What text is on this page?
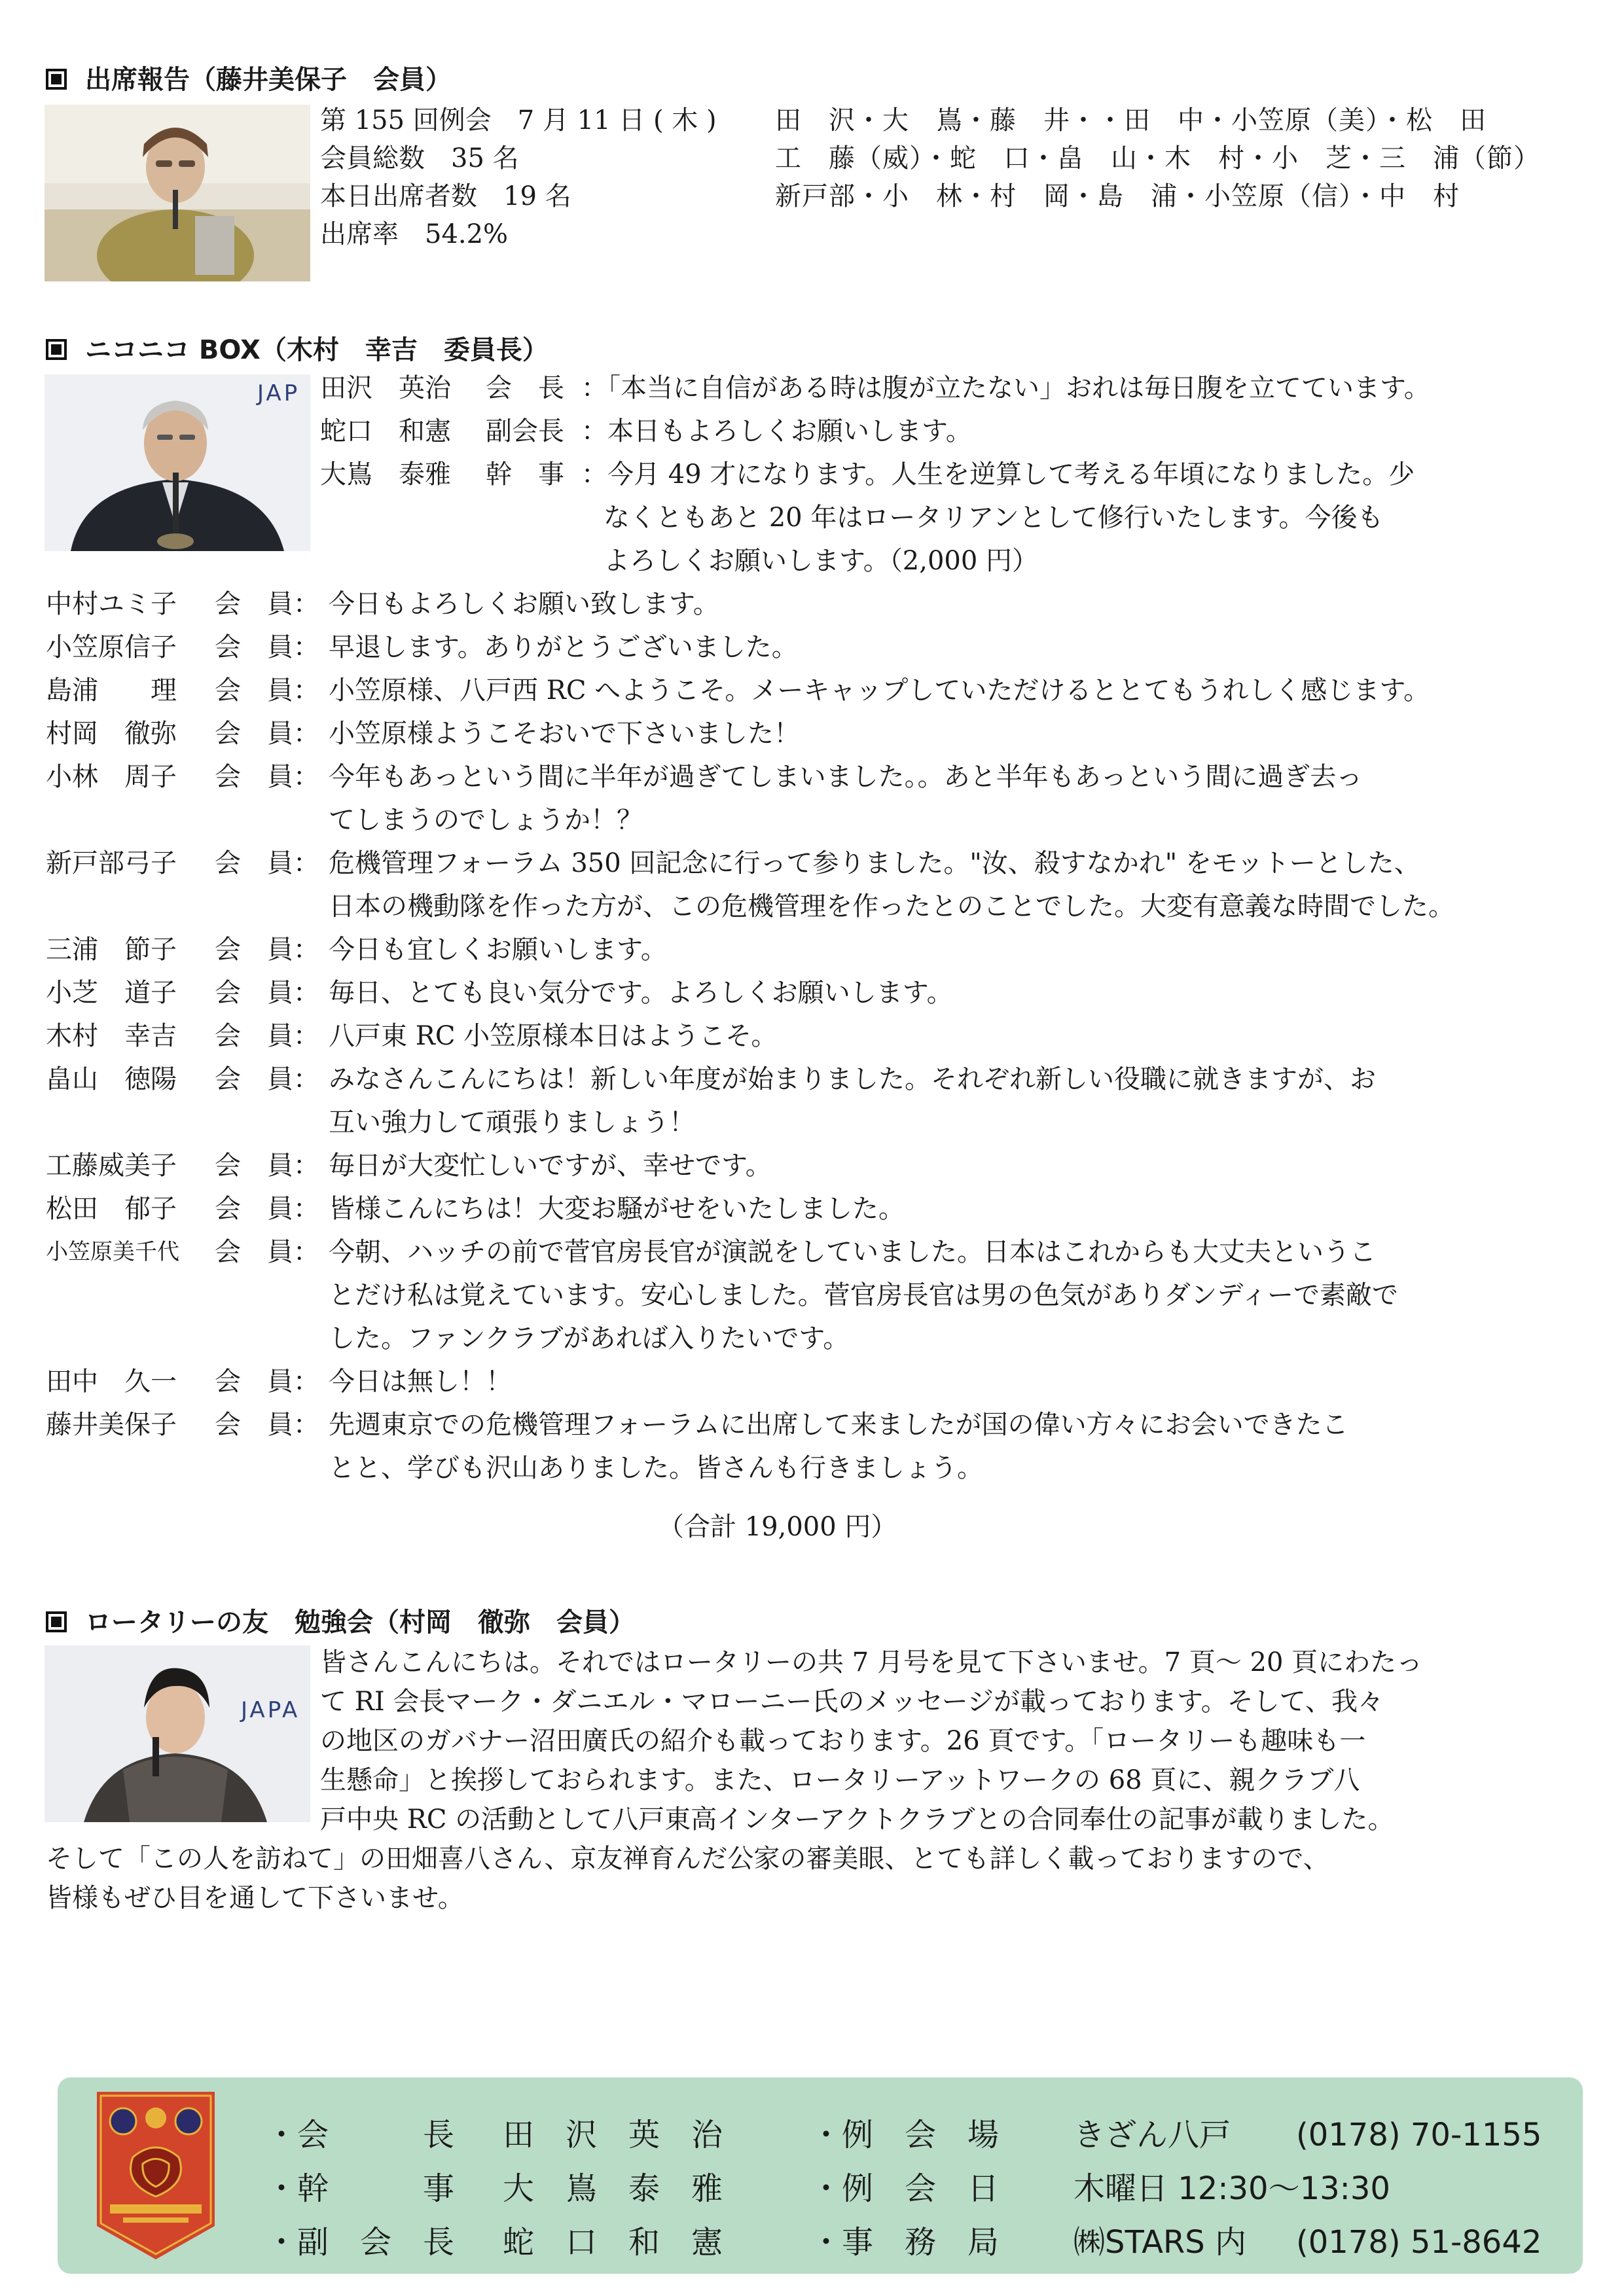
出席報告（藤井美保子　会員）
第 155 回例会　7 月 11 日 ( 木 )
会員総数　35 名
本日出席者数　19 名
出席率　54.2%
田　沢・大　嶌・藤　井・・田　中・小笠原（美）・松　田
工　藤（威）・蛇　口・畠　山・木　村・小　芝・三　浦（節）
新戸部・小　林・村　岡・島　浦・小笠原（信）・中　村
ニコニコ BOX（木村　幸吉　委員長）
JAP 田沢　英治 会　長 ：「本当に自信がある時は腹が立たない」おれは毎日腹を立てています。
蛇口　和憲 副会長 ：本日もよろしくお願いします。
大嶌　泰雅 幹　事 ：今月 49 才になります。人生を逆算して考える年頃になりました。少
なくともあと 20 年はロータリアンとして修行いたします。今後も
よろしくお願いします。（2,000 円）
中村ユミ子 会　員： 今日もよろしくお願い致します。
小笠原信子 会　員： 早退します。ありがとうございました。
島浦　　理 会　員： 小笠原様、八戸西 RC へようこそ。メーキャップしていただけるととてもうれしく感じます。
村岡　徹弥 会　員： 小笠原様ようこそおいで下さいました！
小林　周子 会　員： 今年もあっという間に半年が過ぎてしまいました。。あと半年もあっという間に過ぎ去っ
てしまうのでしょうか！？
新戸部弓子 会　員： 危機管理フォーラム 350 回記念に行って参りました。"汝、殺すなかれ" をモットーとした、
日本の機動隊を作った方が、この危機管理を作ったとのことでした。大変有意義な時間でした。
三浦　節子 会　員： 今日も宜しくお願いします。
小芝　道子 会　員： 毎日、とても良い気分です。よろしくお願いします。
木村　幸吉 会　員： 八戸東 RC 小笠原様本日はようこそ。
畠山　徳陽 会　員： みなさんこんにちは！新しい年度が始まりました。それぞれ新しい役職に就きますが、お
互い強力して頑張りましょう！
工藤威美子 会　員： 毎日が大変忙しいですが、幸せです。
松田　郁子 会　員： 皆様こんにちは！大変お騒がせをいたしました。
小笠原美千代 会　員： 今朝、ハッチの前で菅官房長官が演説をしていました。日本はこれからも大丈夫というこ
とだけ私は覚えています。安心しました。菅官房長官は男の色気がありダンディーで素敵で
した。ファンクラブがあれば入りたいです。
田中　久一 会　員： 今日は無し！！
藤井美保子 会　員： 先週東京での危機管理フォーラムに出席して来ましたが国の偉い方々にお会いできたこ
とと、学びも沢山ありました。皆さんも行きましょう。
（合計 19,000 円）
ロータリーの友　勉強会（村岡　徹弥　会員）
JAPA
皆さんこんにちは。それではロータリーの共 7 月号を見て下さいませ。7 頁～ 20 頁にわたっ
て RI 会長マーク・ダニエル・マローニー氏のメッセージが載っております。そして、我々
の地区のガバナー沼田廣氏の紹介も載っております。26 頁です。「ロータリーも趣味も一
生懸命」と挨拶しておられます。また、ロータリーアットワークの 68 頁に、親クラブ八
戸中央 RC の活動として八戸東高インターアクトクラブとの合同奉仕の記事が載りました。
そして「この人を訪ねて」の田畑喜八さん、京友禅育んだ公家の審美眼、とても詳しく載っておりますので、
皆様もぜひ目を通して下さいませ。
・会　　　長 田　沢　英　治
・幹　　　事 大　嶌　泰　雅
・副　会　長 蛇　口　和　憲
・例　会　場 きざん八戸 (0178) 70-1155
・例　会　日 木曜日 12:30～13:30
・事　務　局 ㈱STARS 内 (0178) 51-8642
